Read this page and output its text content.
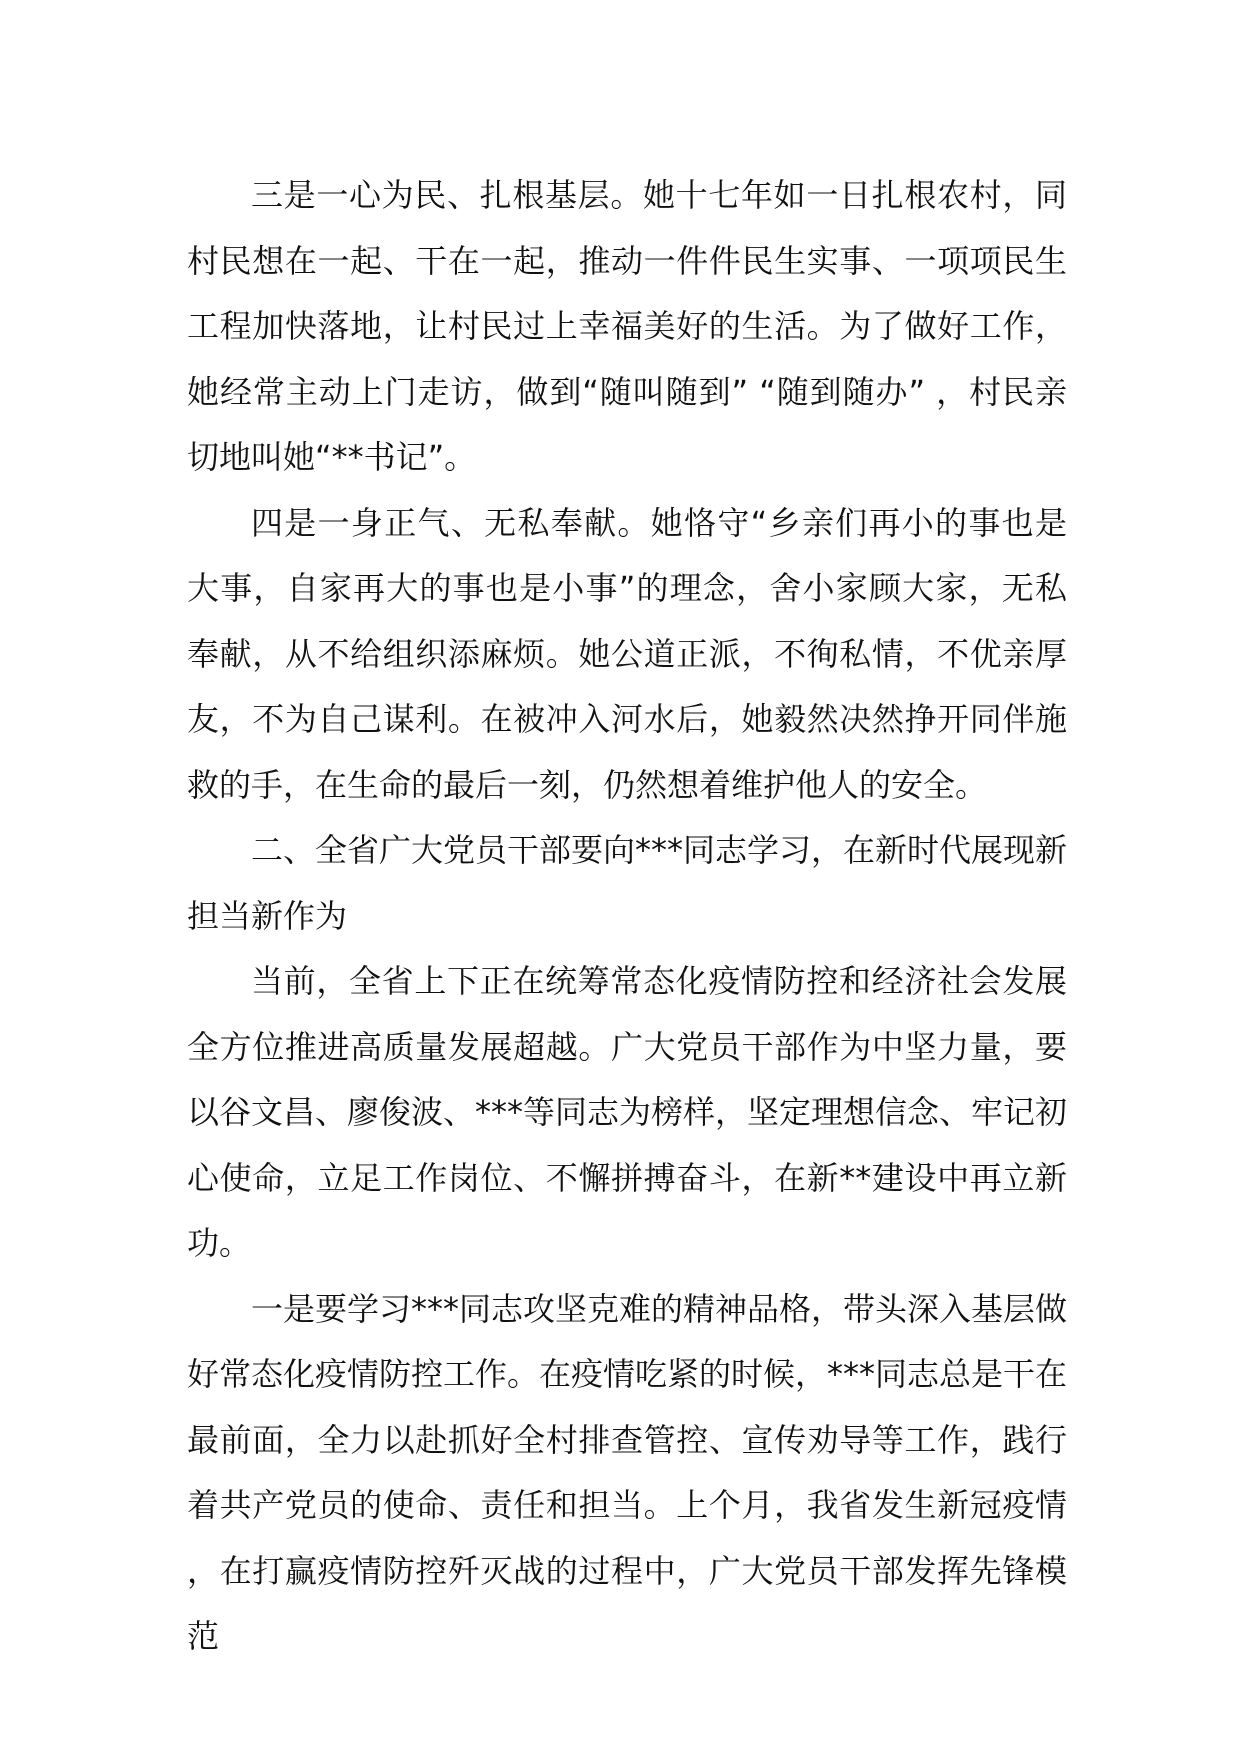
三是一心为民、扎根基层。她十七年如一日扎根农村，同村民想在一起、干在一起，推动一件件民生实事、一项项民生工程加快落地，让村民过上幸福美好的生活。为了做好工作，她经常主动上门走访，做到“随叫随到” “随到随办” ，村民亲切地叫她“**书记”。

四是一身正气、无私奉献。她恪守“乡亲们再小的事也是大事，自家再大的事也是小事”的理念，舍小家顾大家，无私奉献，从不给组织添麻烦。她公道正派，不徇私情，不优亲厚友，不为自己谋利。在被冲入河水后，她毅然决然挣开同伴施救的手，在生命的最后一刻，仍然想着维护他人的安全。

二、全省广大党员干部要向***同志学习，在新时代展现新担当新作为

当前，全省上下正在统筹常态化疫情防控和经济社会发展全方位推进高质量发展超越。广大党员干部作为中坚力量，要以谷文昌、廖俊波、***等同志为榜样，坚定理想信念、牢记初心使命，立足工作岗位、不懈拼搏奋斗，在新**建设中再立新功。

一是要学习***同志攻坚克难的精神品格，带头深入基层做好常态化疫情防控工作。在疫情吃紧的时候，***同志总是干在最前面，全力以赴抓好全村排查管控、宣传劝导等工作，践行着共产党员的使命、责任和担当。上个月，我省发生新冠疫情，在打赢疫情防控歼灭战的过程中，广大党员干部发挥先锋模范
